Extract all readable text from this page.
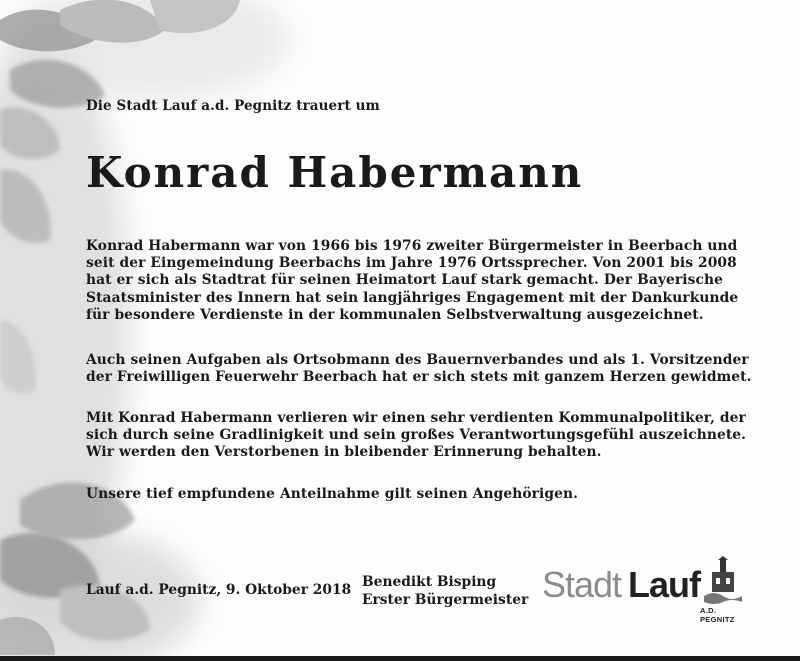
Die Stadt Lauf a.d. Pegnitz trauert um
Konrad Habermann

Konrad Habermann war von 1966 bis 1976 zweiter Bürgermeister in Beerbach und seit der Eingemeindung Beerbachs im Jahre 1976 Ortssprecher. Von 2001 bis 2008 hat er sich als Stadtrat für seinen Heimatort Lauf stark gemacht. Der Bayerische Staatsminister des Innern hat sein langjähriges Engagement mit der Dankurkunde für besondere Verdienste in der kommunalen Selbstverwaltung ausgezeichnet.

Auch seinen Aufgaben als Ortsobmann des Bauernverbandes und als 1. Vorsitzender der Freiwilligen Feuerwehr Beerbach hat er sich stets mit ganzem Herzen gewidmet.

Mit Konrad Habermann verlieren wir einen sehr verdienten Kommunalpolitiker, der sich durch seine Gradlinigkeit und sein großes Verantwortungsgefühl auszeichnete. Wir werden den Verstorbenen in bleibender Erinnerung behalten.

Unsere tief empfundene Anteilnahme gilt seinen Angehörigen.

Lauf a.d. Pegnitz, 9. Oktober 2018 Benedikt Bisping
Erster Bürgermeister Stadt Lauf
A.D. PEGNITZ
